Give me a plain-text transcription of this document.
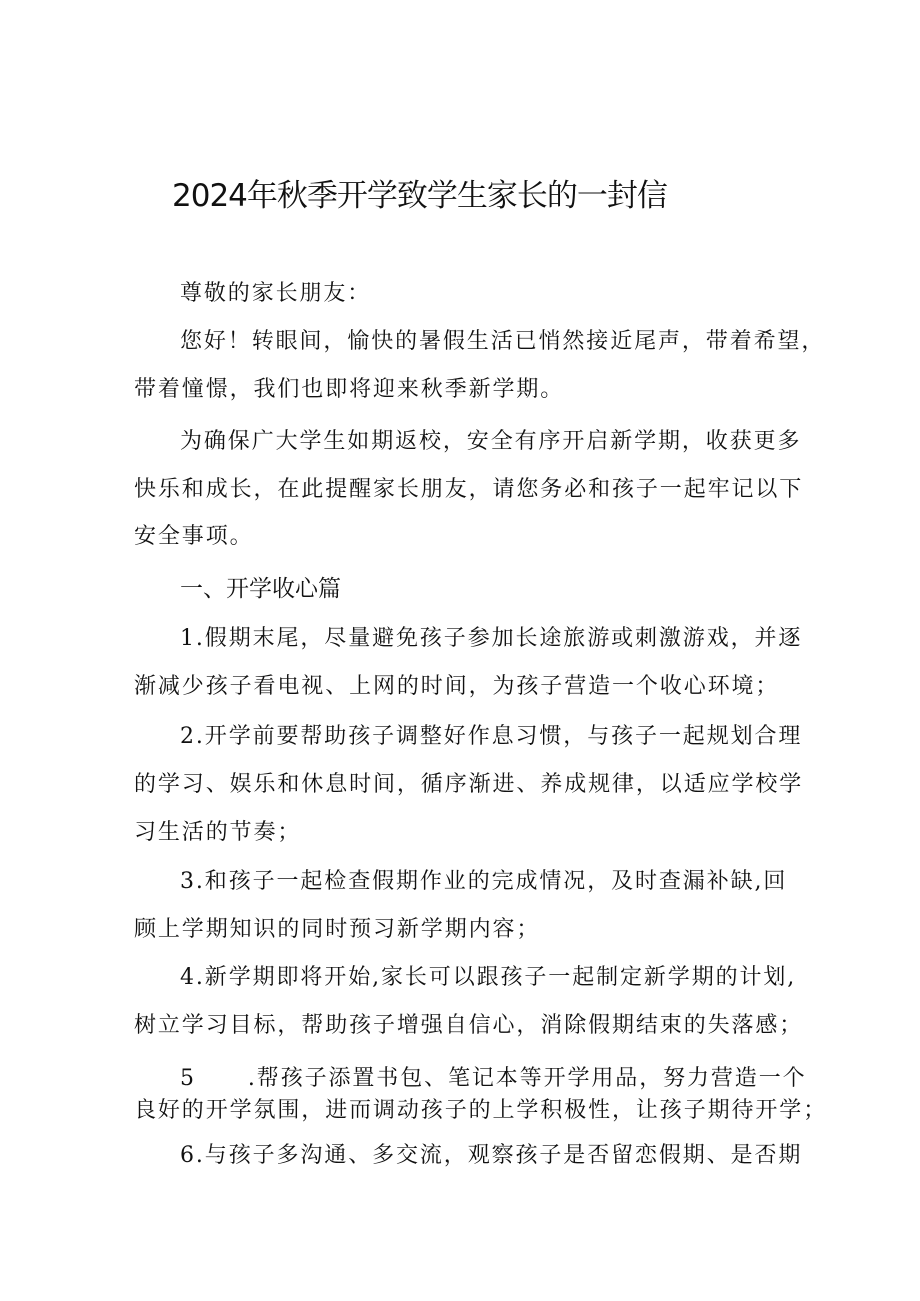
2024年秋季开学致学生家长的一封信
尊敬的家长朋友：
您好！转眼间，愉快的暑假生活已悄然接近尾声，带着希望，
带着憧憬，我们也即将迎来秋季新学期。
为确保广大学生如期返校，安全有序开启新学期，收获更多
快乐和成长，在此提醒家长朋友，请您务必和孩子一起牢记以下
安全事项。
一、开学收心篇
1.假期末尾，尽量避免孩子参加长途旅游或刺激游戏，并逐
渐减少孩子看电视、上网的时间，为孩子营造一个收心环境；
2.开学前要帮助孩子调整好作息习惯，与孩子一起规划合理
的学习、娱乐和休息时间，循序渐进、养成规律，以适应学校学
习生活的节奏；
3.和孩子一起检查假期作业的完成情况，及时查漏补缺,回
顾上学期知识的同时预习新学期内容；
4.新学期即将开始,家长可以跟孩子一起制定新学期的计划,
树立学习目标，帮助孩子增强自信心，消除假期结束的失落感；
5 .帮孩子添置书包、笔记本等开学用品，努力营造一个
良好的开学氛围，进而调动孩子的上学积极性，让孩子期待开学；
6.与孩子多沟通、多交流，观察孩子是否留恋假期、是否期
